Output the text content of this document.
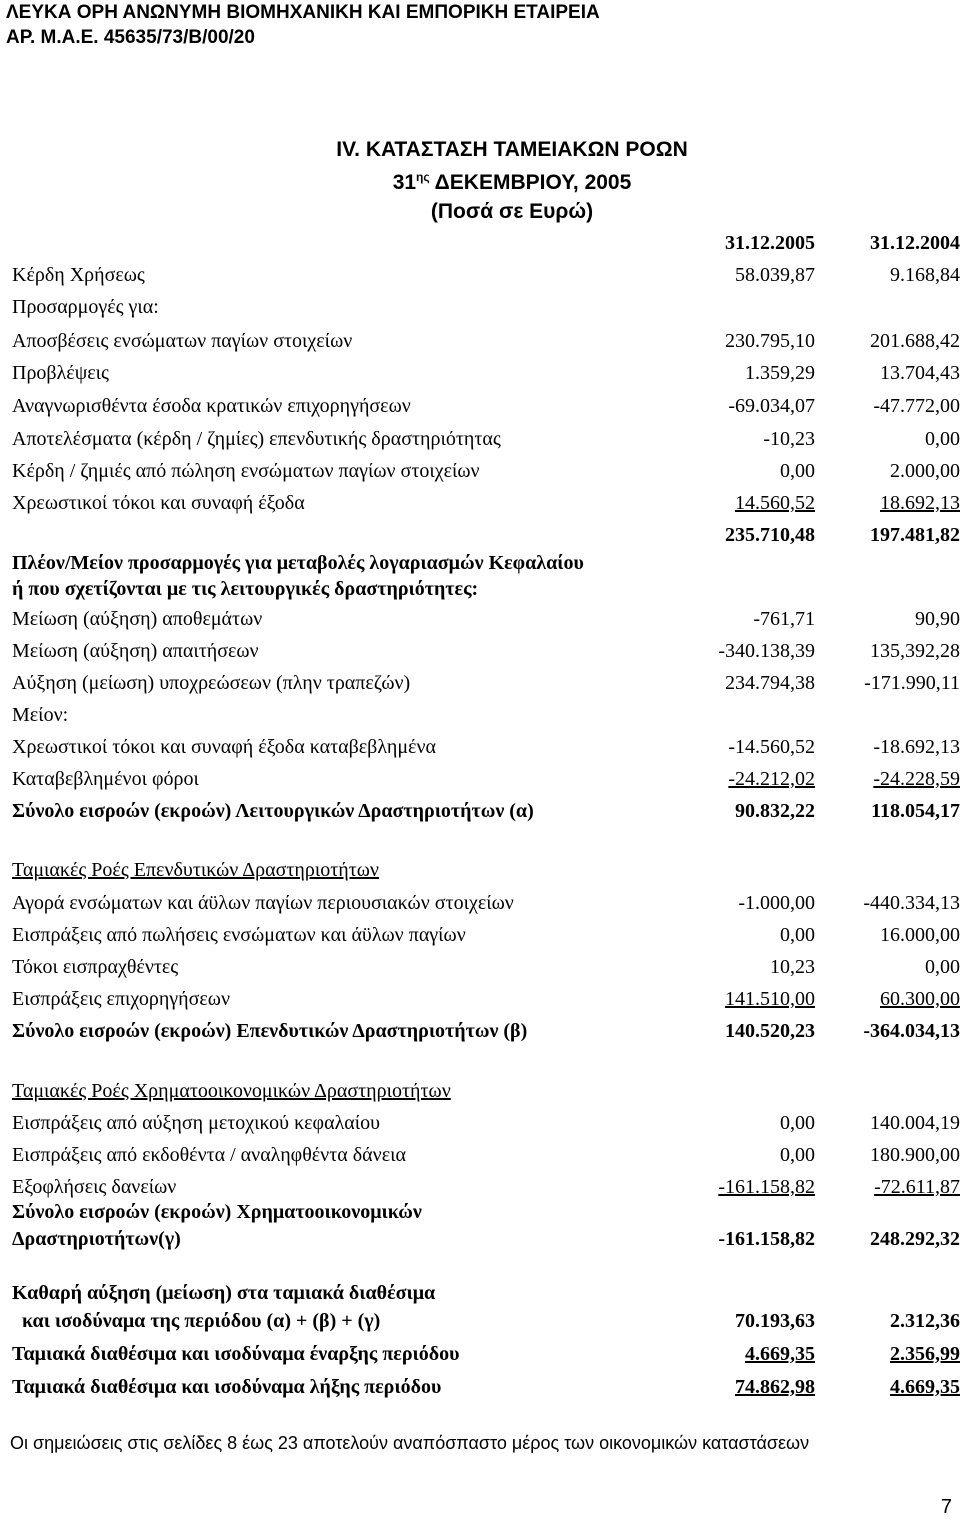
ΛΕΥΚΑ ΟΡΗ ΑΝΩΝΥΜΗ ΒΙΟΜΗΧΑΝΙΚΗ ΚΑΙ ΕΜΠΟΡΙΚΗ ΕΤΑΙΡΕΙΑ
ΑΡ. Μ.Α.Ε. 45635/73/Β/00/20
IV. ΚΑΤΑΣΤΑΣΗ ΤΑΜΕΙΑΚΩΝ ΡΟΩΝ
$31^{\eta\varsigma}$ ΔΕΚΕΜΒΡΙΟΥ, 2005
(Ποσά σε Ευρώ)
31.12.2005	31.12.2004
Κέρδη Χρήσεως	58.039,87	9.168,84
Προσαρμογές για:
Αποσβέσεις ενσώματων παγίων στοιχείων	230.795,10	201.688,42
Προβλέψεις	1.359,29	13.704,43
Αναγνωρισθέντα έσοδα κρατικών επιχορηγήσεων	-69.034,07	-47.772,00
Αποτελέσματα (κέρδη / ζημίες) επενδυτικής δραστηριότητας	-10,23	0,00
Κέρδη / ζημιές από πώληση ενσώματων παγίων στοιχείων	0,00	2.000,00
Χρεωστικοί τόκοι και συναφή έξοδα	14.560,52	18.692,13
235.710,48	197.481,82
Πλέον/Μείον προσαρμογές για μεταβολές λογαριασμών Κεφαλαίου
ή που σχετίζονται με τις λειτουργικές δραστηριότητες:
Μείωση (αύξηση) αποθεμάτων	-761,71	90,90
Μείωση (αύξηση) απαιτήσεων	-340.138,39	135,392,28
Αύξηση (μείωση) υποχρεώσεων (πλην τραπεζών)	234.794,38 -171.990,11
Μείον:
Χρεωστικοί τόκοι και συναφή έξοδα καταβεβλημένα	-14.560,52	-18.692,13
Καταβεβλημένοι φόροι	-24.212,02	-24.228,59
Σύνολο εισροών (εκροών) Λειτουργικών Δραστηριοτήτων (α)	90.832,22	118.054,17
Ταμιακές Ροές Επενδυτικών Δραστηριοτήτων
Αγορά ενσώματων και άϋλων παγίων περιουσιακών στοιχείων	-1.000,00 -440.334,13
Εισπράξεις από πωλήσεις ενσώματων και άϋλων παγίων	0,00	16.000,00
Τόκοι εισπραχθέντες	10,23	0,00
Εισπράξεις επιχορηγήσεων	141.510,00	60.300,00
Σύνολο εισροών (εκροών) Επενδυτικών Δραστηριοτήτων (β)	140.520,23 -364.034,13
Ταμιακές Ροές Χρηματοοικονομικών Δραστηριοτήτων
Εισπράξεις από αύξηση μετοχικού κεφαλαίου	0,00	140.004,19
Εισπράξεις από εκδοθέντα / αναληφθέντα δάνεια	0,00	180.900,00
Εξοφλήσεις δανείων	-161.158,82	-72.611,87
Σύνολο εισροών (εκροών) Χρηματοοικονομικών
Δραστηριοτήτων(γ)	-161.158,82	248.292,32
Καθαρή αύξηση (μείωση) στα ταμιακά διαθέσιμα
και ισοδύναμα της περιόδου (α) + (β) + (γ)	70.193,63	2.312,36
Ταμιακά διαθέσιμα και ισοδύναμα έναρξης περιόδου	4.669,35	2.356,99
Ταμιακά διαθέσιμα και ισοδύναμα λήξης περιόδου	74.862,98	4.669,35
Οι σημειώσεις στις σελίδες 8 έως 23 αποτελούν αναπόσπαστο μέρος των οικονομικών καταστάσεων
7
